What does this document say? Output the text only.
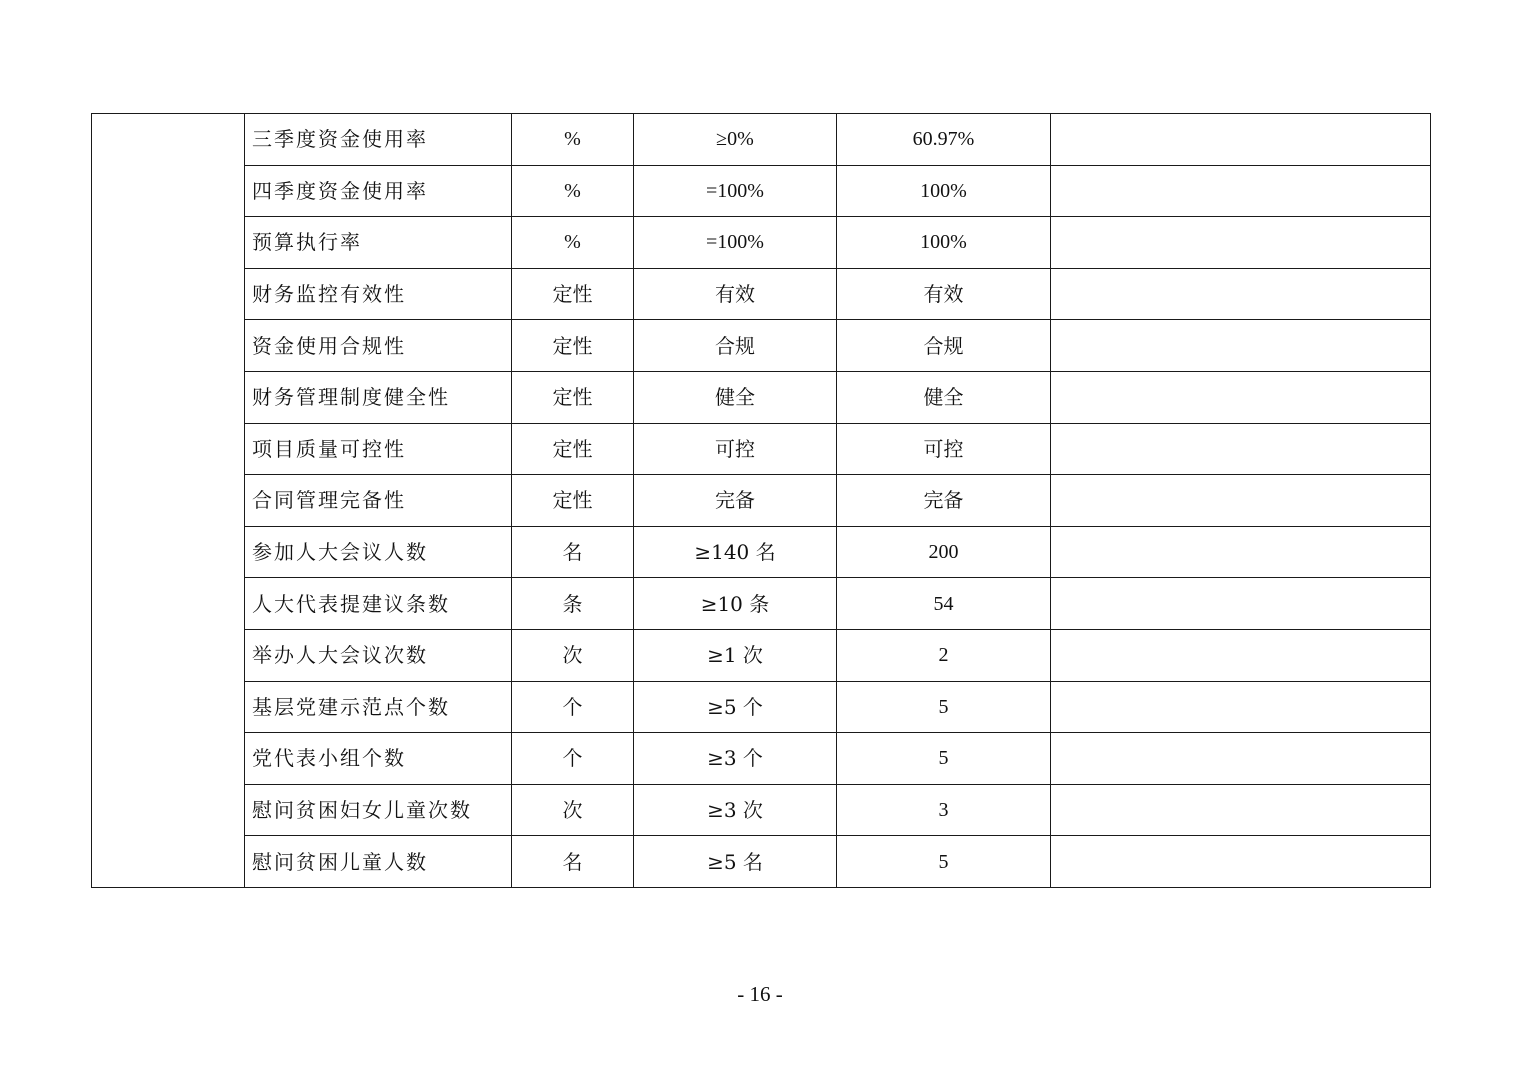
	三季度资金使用率	%	≥0%	60.97%	
	四季度资金使用率	%	=100%	100%	
	预算执行率	%	=100%	100%	
	财务监控有效性	定性	有效	有效	
	资金使用合规性	定性	合规	合规	
	财务管理制度健全性	定性	健全	健全	
	项目质量可控性	定性	可控	可控	
	合同管理完备性	定性	完备	完备	
	参加人大会议人数	名	≥140 名	200	
	人大代表提建议条数	条	≥10 条	54	
	举办人大会议次数	次	≥1 次	2	
	基层党建示范点个数	个	≥5 个	5	
	党代表小组个数	个	≥3 个	5	
	慰问贫困妇女儿童次数	次	≥3 次	3	
	慰问贫困儿童人数	名	≥5 名	5	
- 16 -
